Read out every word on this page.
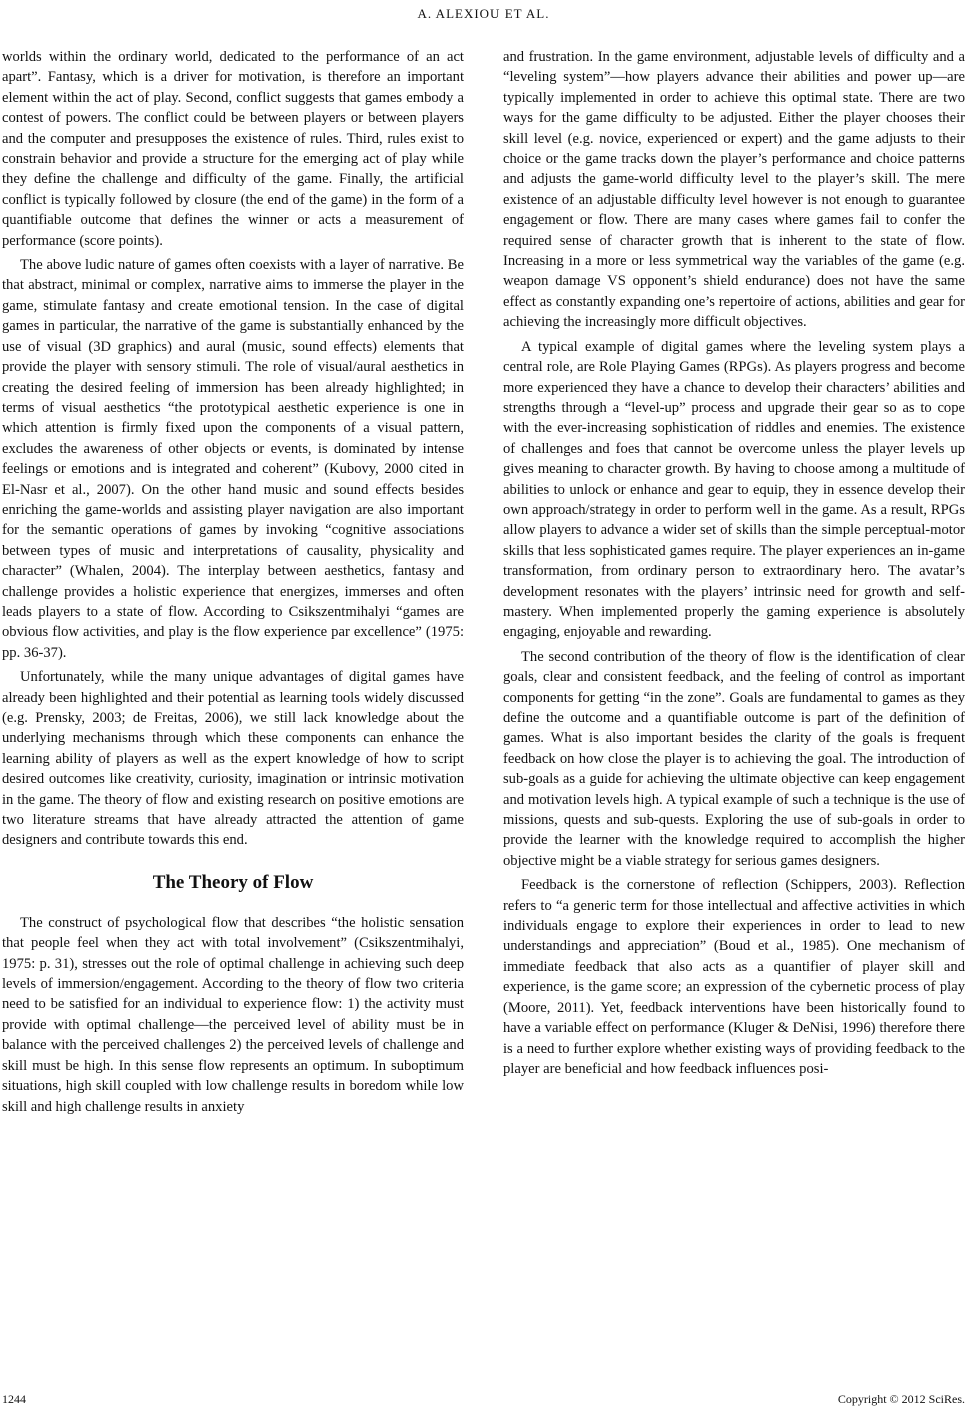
A. ALEXIOU ET AL.

worlds within the ordinary world, dedicated to the performance of an act apart”. Fantasy, which is a driver for motivation, is therefore an important element within the act of play. Second, conflict suggests that games embody a contest of powers. The conflict could be between players or between players and the computer and presupposes the existence of rules. Third, rules exist to constrain behavior and provide a structure for the emerging act of play while they define the challenge and difficulty of the game. Finally, the artificial conflict is typically followed by closure (the end of the game) in the form of a quantifiable outcome that defines the winner or acts a measurement of performance (score points).

The above ludic nature of games often coexists with a layer of narrative. Be that abstract, minimal or complex, narrative aims to immerse the player in the game, stimulate fantasy and create emotional tension. In the case of digital games in particular, the narrative of the game is substantially enhanced by the use of visual (3D graphics) and aural (music, sound effects) elements that provide the player with sensory stimuli. The role of visual/aural aesthetics in creating the desired feeling of immersion has been already highlighted; in terms of visual aesthetics “the prototypical aesthetic experience is one in which attention is firmly fixed upon the components of a visual pattern, excludes the awareness of other objects or events, is dominated by intense feelings or emotions and is integrated and coherent” (Kubovy, 2000 cited in El-Nasr et al., 2007). On the other hand music and sound effects besides enriching the game-worlds and assisting player navigation are also important for the semantic operations of games by invoking “cognitive associations between types of music and interpretations of causality, physicality and character” (Whalen, 2004). The interplay between aesthetics, fantasy and challenge provides a holistic experience that energizes, immerses and often leads players to a state of flow. According to Csikszentmihalyi “games are obvious flow activities, and play is the flow experience par excellence” (1975: pp. 36-37).

Unfortunately, while the many unique advantages of digital games have already been highlighted and their potential as learning tools widely discussed (e.g. Prensky, 2003; de Freitas, 2006), we still lack knowledge about the underlying mechanisms through which these components can enhance the learning ability of players as well as the expert knowledge of how to script desired outcomes like creativity, curiosity, imagination or intrinsic motivation in the game. The theory of flow and existing research on positive emotions are two literature streams that have already attracted the attention of game designers and contribute towards this end.

The Theory of Flow

The construct of psychological flow that describes “the holistic sensation that people feel when they act with total involvement” (Csikszentmihalyi, 1975: p. 31), stresses out the role of optimal challenge in achieving such deep levels of immersion/engagement. According to the theory of flow two criteria need to be satisfied for an individual to experience flow: 1) the activity must provide with optimal challenge—the perceived level of ability must be in balance with the perceived challenges 2) the perceived levels of challenge and skill must be high. In this sense flow represents an optimum. In suboptimum situations, high skill coupled with low challenge results in boredom while low skill and high challenge results in anxiety

and frustration. In the game environment, adjustable levels of difficulty and a “leveling system”—how players advance their abilities and power up—are typically implemented in order to achieve this optimal state. There are two ways for the game difficulty to be adjusted. Either the player chooses their skill level (e.g. novice, experienced or expert) and the game adjusts to their choice or the game tracks down the player’s performance and choice patterns and adjusts the game-world difficulty level to the player’s skill. The mere existence of an adjustable difficulty level however is not enough to guarantee engagement or flow. There are many cases where games fail to confer the required sense of character growth that is inherent to the state of flow. Increasing in a more or less symmetrical way the variables of the game (e.g. weapon damage VS opponent’s shield endurance) does not have the same effect as constantly expanding one’s repertoire of actions, abilities and gear for achieving the increasingly more difficult objectives.

A typical example of digital games where the leveling system plays a central role, are Role Playing Games (RPGs). As players progress and become more experienced they have a chance to develop their characters’ abilities and strengths through a “level-up” process and upgrade their gear so as to cope with the ever-increasing sophistication of riddles and enemies. The existence of challenges and foes that cannot be overcome unless the player levels up gives meaning to character growth. By having to choose among a multitude of abilities to unlock or enhance and gear to equip, they in essence develop their own approach/strategy in order to perform well in the game. As a result, RPGs allow players to advance a wider set of skills than the simple perceptual-motor skills that less sophisticated games require. The player experiences an in-game transformation, from ordinary person to extraordinary hero. The avatar’s development resonates with the players’ intrinsic need for growth and self-mastery. When implemented properly the gaming experience is absolutely engaging, enjoyable and rewarding.

The second contribution of the theory of flow is the identification of clear goals, clear and consistent feedback, and the feeling of control as important components for getting “in the zone”. Goals are fundamental to games as they define the outcome and a quantifiable outcome is part of the definition of games. What is also important besides the clarity of the goals is frequent feedback on how close the player is to achieving the goal. The introduction of sub-goals as a guide for achieving the ultimate objective can keep engagement and motivation levels high. A typical example of such a technique is the use of missions, quests and sub-quests. Exploring the use of sub-goals in order to provide the learner with the knowledge required to accomplish the higher objective might be a viable strategy for serious games designers.

Feedback is the cornerstone of reflection (Schippers, 2003). Reflection refers to “a generic term for those intellectual and affective activities in which individuals engage to explore their experiences in order to lead to new understandings and appreciation” (Boud et al., 1985). One mechanism of immediate feedback that also acts as a quantifier of player skill and experience, is the game score; an expression of the cybernetic process of play (Moore, 2011). Yet, feedback interventions have been historically found to have a variable effect on performance (Kluger & DeNisi, 1996) therefore there is a need to further explore whether existing ways of providing feedback to the player are beneficial and how feedback influences posi-

1244	Copyright © 2012 SciRes.
